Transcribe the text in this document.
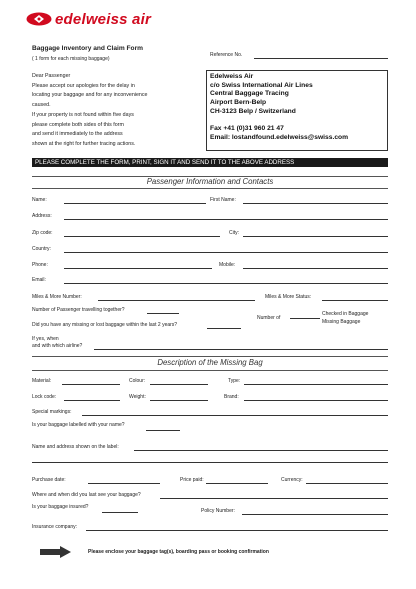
edelweiss air
Baggage Inventory and Claim Form
( 1 form for each missing baggage)
Reference No.
Dear Passenger
Please accept our apologies for the delay in
locating your baggage and for any inconvenience
caused.
If your property is not found within five days
please complete both sides of this form
and send it immediately to the address
shown at the right for further tracing actions.
Edelweiss Air
c/o Swiss International Air Lines
Central Baggage Tracing
Airport Bern-Belp
CH-3123 Belp / Switzerland
Fax +41 (0)31 960 21 47
Email: lostandfound.edelweiss@swiss.com
PLEASE COMPLETE THE FORM, PRINT, SIGN IT AND SEND IT TO THE ABOVE ADDRESS
Passenger Information and Contacts
Name:	First Name:
Address:
Zip code:	City:
Country:
Phone:	Mobile:
Email:
Miles & More Number:	Miles & More Status:
Number of Passenger travelling together?
Number of
Checked in Baggage
Missing Baggage
Did you have any missing or lost baggage within the last 2 years?
If yes, when
and with which airline?
Description of the Missing Bag
Material:	Colour:	Type:
Lock code:	Weight:	Brand:
Special markings:
Is your baggage labelled with your name?
Name and address shown on the label:
Purchase date:	Price paid:	Currency:
Where and when did you last see your baggage?
Is your baggage insured?
Policy Number:
Insurance company:
Please enclose your baggage tag(s), boarding pass or booking confirmation
